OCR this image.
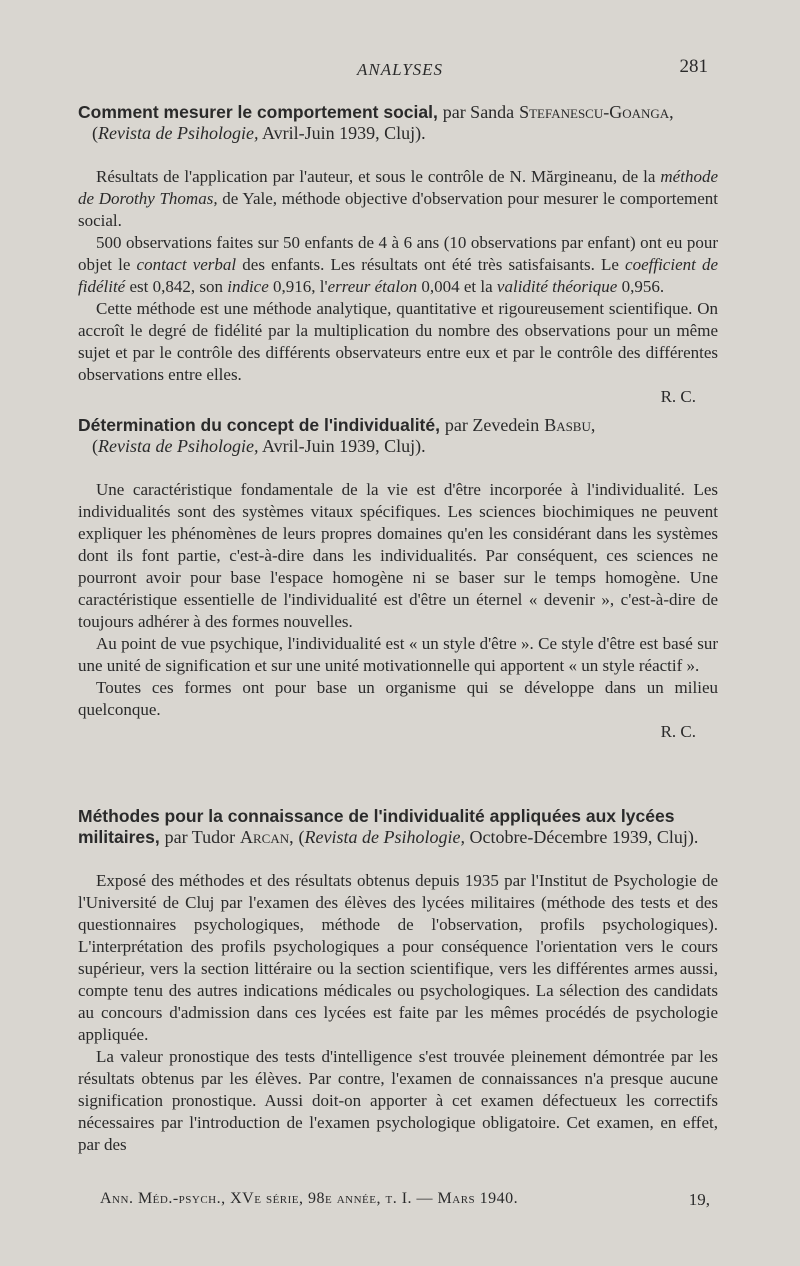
ANALYSES	281
Comment mesurer le comportement social, par Sanda Stefanescu-Goanga,
(Revista de Psihologie, Avril-Juin 1939, Cluj).

Résultats de l'application par l'auteur, et sous le contrôle de N. Mărgineanu, de la méthode de Dorothy Thomas, de Yale, méthode objective d'observation pour mesurer le comportement social.

500 observations faites sur 50 enfants de 4 à 6 ans (10 observations par enfant) ont eu pour objet le contact verbal des enfants. Les résultats ont été très satisfaisants. Le coefficient de fidélité est 0,842, son indice 0,916, l'erreur étalon 0,004 et la validité théorique 0,956.

Cette méthode est une méthode analytique, quantitative et rigoureusement scientifique. On accroît le degré de fidélité par la multiplication du nombre des observations pour un même sujet et par le contrôle des différents observateurs entre eux et par le contrôle des différentes observations entre elles.

R. C.
Détermination du concept de l'individualité, par Zevedein Basbu,
(Revista de Psihologie, Avril-Juin 1939, Cluj).

Une caractéristique fondamentale de la vie est d'être incorporée à l'individualité. Les individualités sont des systèmes vitaux spécifiques. Les sciences biochimiques ne peuvent expliquer les phénomènes de leurs propres domaines qu'en les considérant dans les systèmes dont ils font partie, c'est-à-dire dans les individualités. Par conséquent, ces sciences ne pourront avoir pour base l'espace homogène ni se baser sur le temps homogène. Une caractéristique essentielle de l'individualité est d'être un éternel « devenir », c'est-à-dire de toujours adhérer à des formes nouvelles.

Au point de vue psychique, l'individualité est « un style d'être ». Ce style d'être est basé sur une unité de signification et sur une unité motivationnelle qui apportent « un style réactif ».

Toutes ces formes ont pour base un organisme qui se développe dans un milieu quelconque.

R. C.
Méthodes pour la connaissance de l'individualité appliquées aux lycées militaires, par Tudor Arcan, (Revista de Psihologie, Octobre-Décembre 1939, Cluj).

Exposé des méthodes et des résultats obtenus depuis 1935 par l'Institut de Psychologie de l'Université de Cluj par l'examen des élèves des lycées militaires (méthode des tests et des questionnaires psychologiques, méthode de l'observation, profils psychologiques). L'interprétation des profils psychologiques a pour conséquence l'orientation vers le cours supérieur, vers la section littéraire ou la section scientifique, vers les différentes armes aussi, compte tenu des autres indications médicales ou psychologiques. La sélection des candidats au concours d'admission dans ces lycées est faite par les mêmes procédés de psychologie appliquée.

La valeur pronostique des tests d'intelligence s'est trouvée pleinement démontrée par les résultats obtenus par les élèves. Par contre, l'examen de connaissances n'a presque aucune signification pronostique. Aussi doit-on apporter à cet examen défectueux les correctifs nécessaires par l'introduction de l'examen psychologique obligatoire. Cet examen, en effet, par des

Ann. Méd.-psych., XVe série, 98e année, t. I. — Mars 1940.	19,
